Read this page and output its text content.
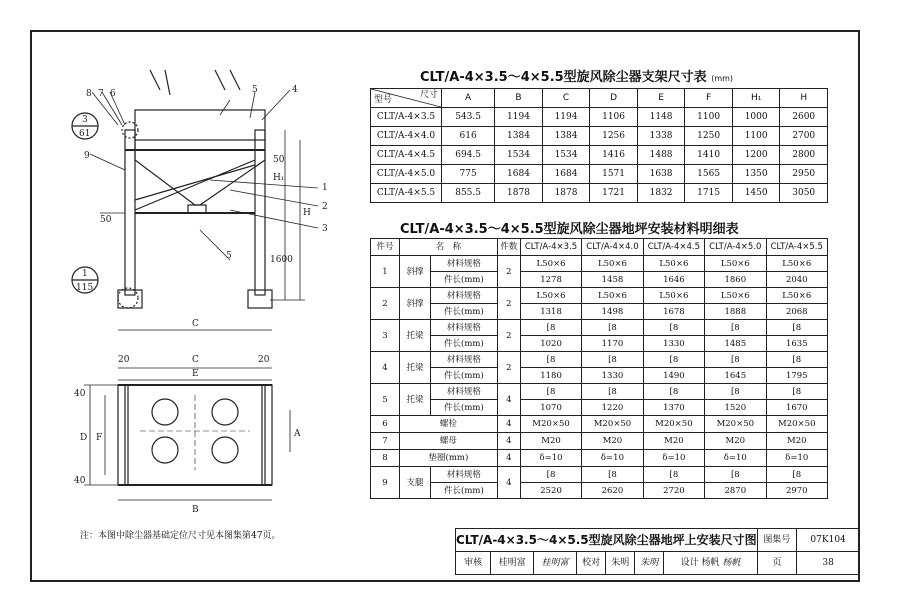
3
61
1
115
8 7 6	5	4
9
1
2
3
5
50
H₁
H
50
1600
C
20	C	20
E
40
D F	A
40
B
CLT/A-4×3.5～4×5.5型旋风除尘器支架尺寸表 (mm)
型号 尺寸	A	B	C	D	E	F	H₁	H
CLT/A-4×3.5	543.5	1194	1194	1106	1148	1100	1000	2600
CLT/A-4×4.0	616	1384	1384	1256	1338	1250	1100	2700
CLT/A-4×4.5	694.5	1534	1534	1416	1488	1410	1200	2800
CLT/A-4×5.0	775	1684	1684	1571	1638	1565	1350	2950
CLT/A-4×5.5	855.5	1878	1878	1721	1832	1715	1450	3050
CLT/A-4×3.5～4×5.5型旋风除尘器地坪安装材料明细表
件号	名　称		件数	CLT/A-4×3.5	CLT/A-4×4.0	CLT/A-4×4.5	CLT/A-4×5.0	CLT/A-4×5.5
1	斜撑	材料规格	2	L50×6	L50×6	L50×6	L50×6	L50×6
		件长(mm)		1278	1458	1646	1860	2040
2	斜撑	材料规格	2	L50×6	L50×6	L50×6	L50×6	L50×6
		件长(mm)		1318	1498	1678	1888	2068
3	托梁	材料规格	2	[8	[8	[8	[8	[8
		件长(mm)		1020	1170	1330	1485	1635
4	托梁	材料规格	2	[8	[8	[8	[8	[8
		件长(mm)		1180	1330	1490	1645	1795
5	托梁	材料规格	4	[8	[8	[8	[8	[8
		件长(mm)		1070	1220	1370	1520	1670
6	螺栓		4	M20×50	M20×50	M20×50	M20×50	M20×50
7	螺母		4	M20	M20	M20	M20	M20
8	垫圈(mm)		4	δ=10	δ=10	δ=10	δ=10	δ=10
9	支腿	材料规格	4	[8	[8	[8	[8	[8
		件长(mm)		2520	2620	2720	2870	2970
注：本图中除尘器基础定位尺寸见本图集第47页。	CLT/A-4×3.5～4×5.5型旋风除尘器地坪上安装尺寸图							图集号	07K104
审核	桂明富	桂明富	校对	朱明	朱明	设计 杨帆 杨帆	页	38
